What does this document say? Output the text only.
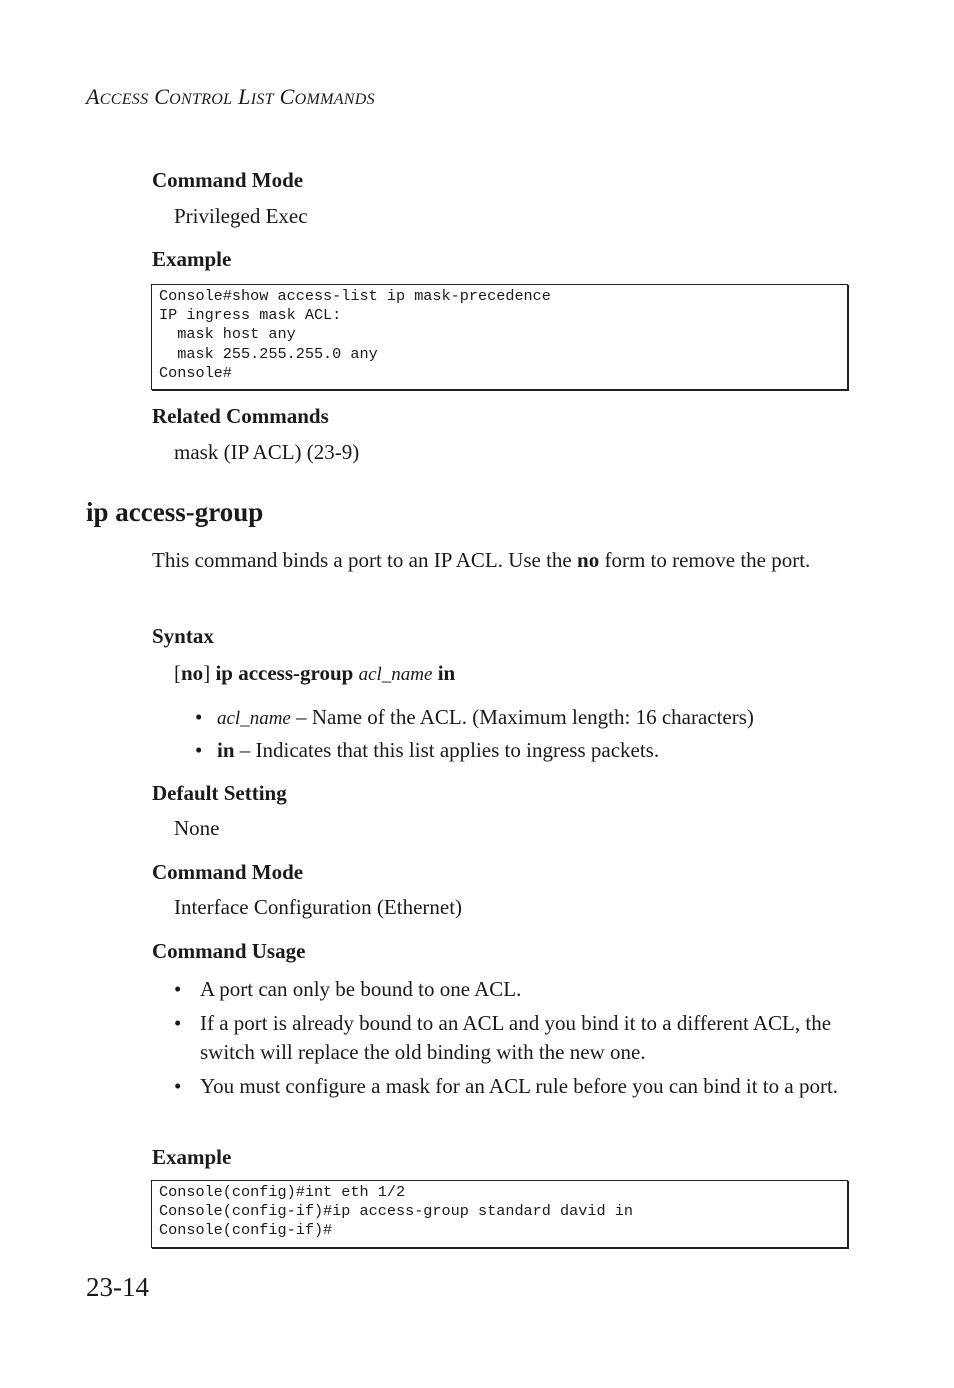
ACCESS CONTROL LIST COMMANDS
Command Mode
Privileged Exec
Example
Console#show access-list ip mask-precedence
IP ingress mask ACL:
mask host any
mask 255.255.255.0 any
Console#
Related Commands
mask (IP ACL) (23-9)
ip access-group
This command binds a port to an IP ACL. Use the no form to remove the port.
Syntax
[no] ip access-group acl_name in
• acl_name – Name of the ACL. (Maximum length: 16 characters)
• in – Indicates that this list applies to ingress packets.
Default Setting
None
Command Mode
Interface Configuration (Ethernet)
Command Usage
• A port can only be bound to one ACL.
• If a port is already bound to an ACL and you bind it to a different ACL, the switch will replace the old binding with the new one.
• You must configure a mask for an ACL rule before you can bind it to a port.
Example
Console(config)#int eth 1/2
Console(config-if)#ip access-group standard david in
Console(config-if)#
23-14
